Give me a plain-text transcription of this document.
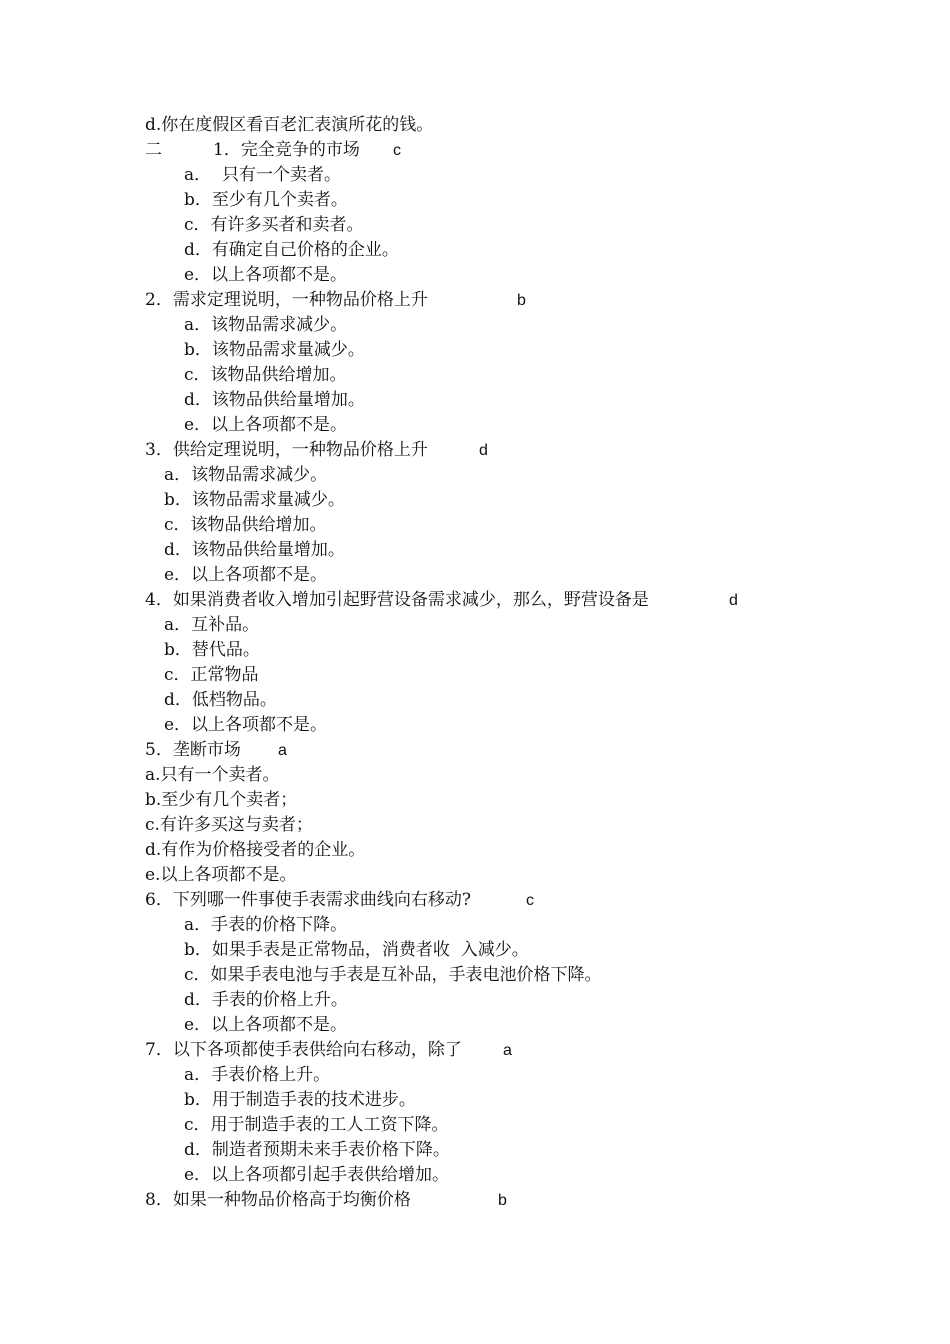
d.你在度假区看百老汇表演所花的钱。
二　　　1．完全竞争的市场 c
a．  只有一个卖者。
b．至少有几个卖者。
c．有许多买者和卖者。
d．有确定自己价格的企业。
e．以上各项都不是。
2．需求定理说明，一种物品价格上升	b
a．该物品需求减少。
b．该物品需求量减少。
c．该物品供给增加。
d．该物品供给量增加。
e．以上各项都不是。
3．供给定理说明，一种物品价格上升	d
a．该物品需求减少。
b．该物品需求量减少。
c．该物品供给增加。
d．该物品供给量增加。
e．以上各项都不是。
4．如果消费者收入增加引起野营设备需求减少，那么，野营设备是	d
a．互补品。
b．替代品。
c．正常物品
d．低档物品。
e．以上各项都不是。
5．垄断市场 a
a.只有一个卖者。
b.至少有几个卖者；
c.有许多买这与卖者；
d.有作为价格接受者的企业。
e.以上各项都不是。
6．下列哪一件事使手表需求曲线向右移动?	c
a．手表的价格下降。
b．如果手表是正常物品，消费者收  入减少。
c．如果手表电池与手表是互补品，手表电池价格下降。
d．手表的价格上升。
e．以上各项都不是。
7．以下各项都使手表供给向右移动，除了	a
a．手表价格上升。
b．用于制造手表的技术进步。
c．用于制造手表的工人工资下降。
d．制造者预期未来手表价格下降。
e．以上各项都引起手表供给增加。
8．如果一种物品价格高于均衡价格	b
